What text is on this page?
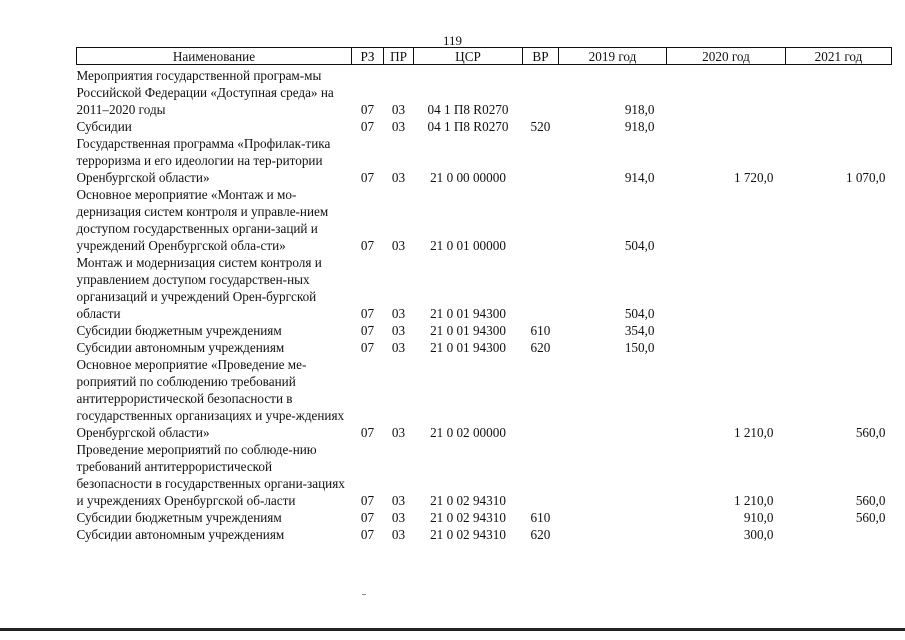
119
Наименование	РЗ	ПР	ЦСР	ВР	2019 год	2020 год	2021 год
Мероприятия государственной програм-мы Российской Федерации «Доступная среда» на 2011–2020 годы	07	03	04 1 П8 R0270		918,0		
Субсидии	07	03	04 1 П8 R0270	520	918,0		
Государственная программа «Профилак-тика терроризма и его идеологии на тер-ритории Оренбургской области»	07	03	21 0 00 00000		914,0	1 720,0	1 070,0
Основное мероприятие «Монтаж и мо-дернизация систем контроля и управле-нием доступом государственных органи-заций и учреждений Оренбургской обла-сти»	07	03	21 0 01 00000		504,0		
Монтаж и модернизация систем контроля и управлением доступом государствен-ных организаций и учреждений Орен-бургской области	07	03	21 0 01 94300		504,0		
Субсидии бюджетным учреждениям	07	03	21 0 01 94300	610	354,0		
Субсидии автономным учреждениям	07	03	21 0 01 94300	620	150,0		
Основное мероприятие «Проведение ме-роприятий по соблюдению требований антитеррористической безопасности в государственных организациях и учре-ждениях Оренбургской области»	07	03	21 0 02 00000			1 210,0	560,0
Проведение мероприятий по соблюде-нию требований антитеррористической безопасности в государственных органи-зациях и учреждениях Оренбургской об-ласти	07	03	21 0 02 94310			1 210,0	560,0
Субсидии бюджетным учреждениям	07	03	21 0 02 94310	610		910,0	560,0
Субсидии автономным учреждениям	07	03	21 0 02 94310	620		300,0	
